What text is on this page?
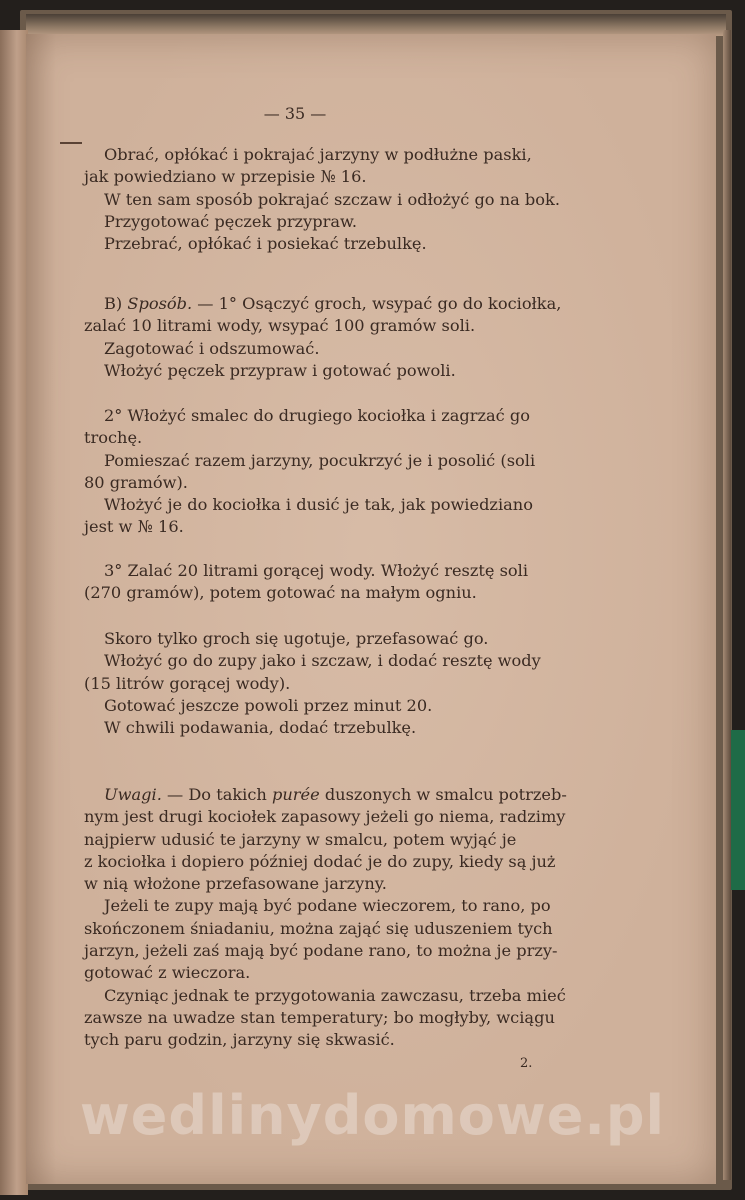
— 35 —

Obrać, opłókać i pokrajać jarzyny w podłużne paski,

jak powiedziano w przepisie № 16.

W ten sam sposób pokrajać szczaw i odłożyć go na bok.

Przygotować pęczek przypraw.

Przebrać, opłókać i posiekać trzebulkę.

B) Sposób. — 1° Osączyć groch, wsypać go do kociołka,

zalać 10 litrami wody, wsypać 100 gramów soli.

Zagotować i odszumować.

Włożyć pęczek przypraw i gotować powoli.

2° Włożyć smalec do drugiego kociołka i zagrzać go

trochę.

Pomieszać razem jarzyny, pocukrzyć je i posolić (soli

80 gramów).

Włożyć je do kociołka i dusić je tak, jak powiedziano

jest w № 16.

3° Zalać 20 litrami gorącej wody. Włożyć resztę soli

(270 gramów), potem gotować na małym ogniu.

Skoro tylko groch się ugotuje, przefasować go.

Włożyć go do zupy jako i szczaw, i dodać resztę wody

(15 litrów gorącej wody).

Gotować jeszcze powoli przez minut 20.

W chwili podawania, dodać trzebulkę.

Uwagi. — Do takich purée duszonych w smalcu potrzeb-

nym jest drugi kociołek zapasowy jeżeli go niema, radzimy

najpierw udusić te jarzyny w smalcu, potem wyjąć je

z kociołka i dopiero później dodać je do zupy, kiedy są już

w nią włożone przefasowane jarzyny.

Jeżeli te zupy mają być podane wieczorem, to rano, po

skończonem śniadaniu, można zająć się uduszeniem tych

jarzyn, jeżeli zaś mają być podane rano, to można je przy-

gotować z wieczora.

Czyniąc jednak te przygotowania zawczasu, trzeba mieć

zawsze na uwadze stan temperatury; bo mogłyby, wciągu

tych paru godzin, jarzyny się skwasić.

2.
wedlinydomowe.pl
